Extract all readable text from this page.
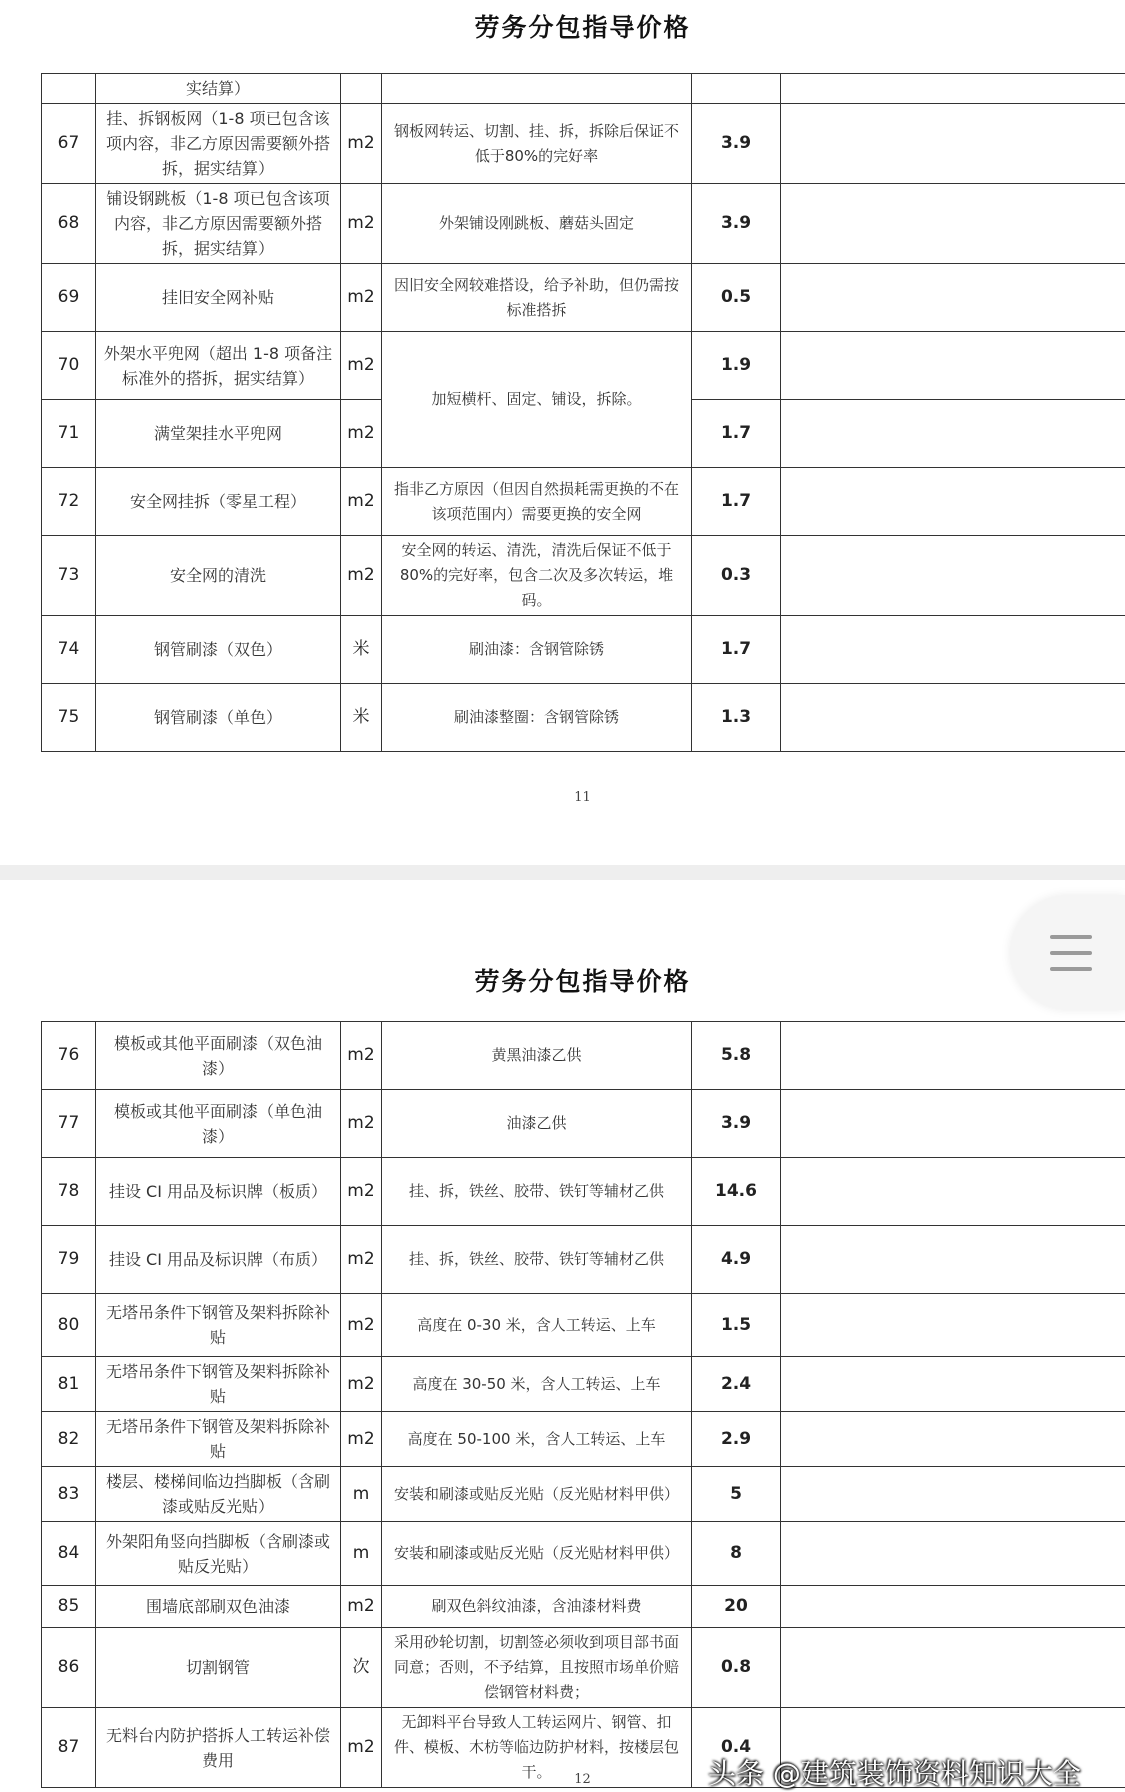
劳务分包指导价格
	实结算）				
67	挂、拆钢板网（1-8 项已包含该项内容，非乙方原因需要额外搭拆，据实结算）	m2	钢板网转运、切割、挂、拆，拆除后保证不低于80%的完好率	3.9	
68	铺设钢跳板（1-8 项已包含该项内容，非乙方原因需要额外搭拆，据实结算）	m2	外架铺设刚跳板、蘑菇头固定	3.9	
69	挂旧安全网补贴	m2	因旧安全网较难搭设，给予补助，但仍需按标准搭拆	0.5	
70	外架水平兜网（超出 1-8 项备注标准外的搭拆，据实结算）	m2	加短横杆、固定、铺设，拆除。	1.9	
71	满堂架挂水平兜网	m2		1.7	
72	安全网挂拆（零星工程）	m2	指非乙方原因（但因自然损耗需更换的不在该项范围内）需要更换的安全网	1.7	
73	安全网的清洗	m2	安全网的转运、清洗，清洗后保证不低于 80%的完好率，包含二次及多次转运，堆码。	0.3	
74	钢管刷漆（双色）	米	刷油漆：含钢管除锈	1.7	
75	钢管刷漆（单色）	米	刷油漆整圈：含钢管除锈	1.3	
11
劳务分包指导价格
76	模板或其他平面刷漆（双色油漆）	m2	黄黑油漆乙供	5.8	
77	模板或其他平面刷漆（单色油漆）	m2	油漆乙供	3.9	
78	挂设 CI 用品及标识牌（板质）	m2	挂、拆，铁丝、胶带、铁钉等辅材乙供	14.6	
79	挂设 CI 用品及标识牌（布质）	m2	挂、拆，铁丝、胶带、铁钉等辅材乙供	4.9	
80	无塔吊条件下钢管及架料拆除补贴	m2	高度在 0-30 米，含人工转运、上车	1.5	
81	无塔吊条件下钢管及架料拆除补贴	m2	高度在 30-50 米，含人工转运、上车	2.4	
82	无塔吊条件下钢管及架料拆除补贴	m2	高度在 50-100 米，含人工转运、上车	2.9	
83	楼层、楼梯间临边挡脚板（含刷漆或贴反光贴）	m	安装和刷漆或贴反光贴（反光贴材料甲供）	5	
84	外架阳角竖向挡脚板（含刷漆或贴反光贴）	m	安装和刷漆或贴反光贴（反光贴材料甲供）	8	
85	围墙底部刷双色油漆	m2	刷双色斜纹油漆，含油漆材料费	20	
86	切割钢管	次	采用砂轮切割，切割签必须收到项目部书面同意；否则，不予结算，且按照市场单价赔偿钢管材料费；	0.8	
87	无料台内防护搭拆人工转运补偿费用	m2	无卸料平台导致人工转运网片、钢管、扣件、模板、木枋等临边防护材料，按楼层包干。	0.4	
12	头条 @建筑装饰资料知识大全
